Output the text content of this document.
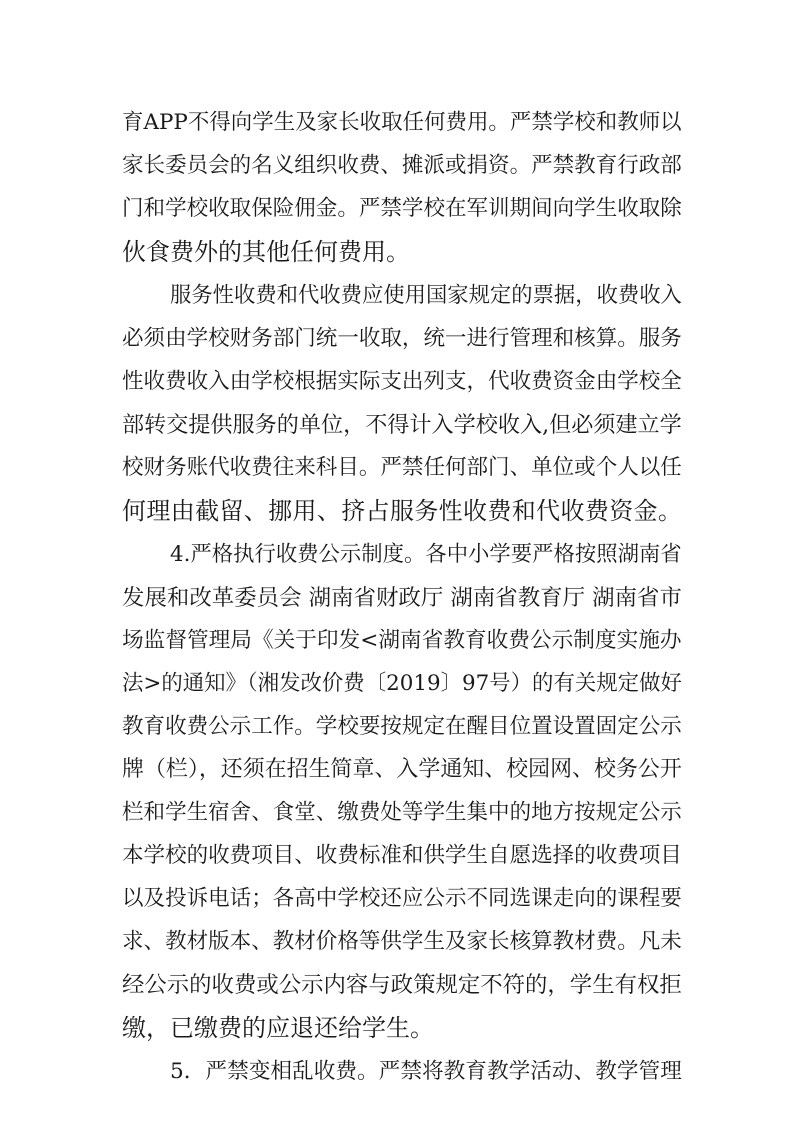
育APP不得向学生及家长收取任何费用。严禁学校和教师以
家长委员会的名义组织收费、摊派或捐资。严禁教育行政部
门和学校收取保险佣金。严禁学校在军训期间向学生收取除
伙食费外的其他任何费用。
服务性收费和代收费应使用国家规定的票据，收费收入
必须由学校财务部门统一收取，统一进行管理和核算。服务
性收费收入由学校根据实际支出列支，代收费资金由学校全
部转交提供服务的单位，不得计入学校收入,但必须建立学
校财务账代收费往来科目。严禁任何部门、单位或个人以任
何理由截留、挪用、挤占服务性收费和代收费资金。
4.严格执行收费公示制度。各中小学要严格按照湖南省
发展和改革委员会 湖南省财政厅 湖南省教育厅 湖南省市
场监督管理局《关于印发<湖南省教育收费公示制度实施办
法>的通知》（湘发改价费〔2019〕97号）的有关规定做好
教育收费公示工作。学校要按规定在醒目位置设置固定公示
牌（栏），还须在招生简章、入学通知、校园网、校务公开
栏和学生宿舍、食堂、缴费处等学生集中的地方按规定公示
本学校的收费项目、收费标准和供学生自愿选择的收费项目
以及投诉电话；各高中学校还应公示不同选课走向的课程要
求、教材版本、教材价格等供学生及家长核算教材费。凡未
经公示的收费或公示内容与政策规定不符的，学生有权拒
缴，已缴费的应退还给学生。
5．严禁变相乱收费。严禁将教育教学活动、教学管理
